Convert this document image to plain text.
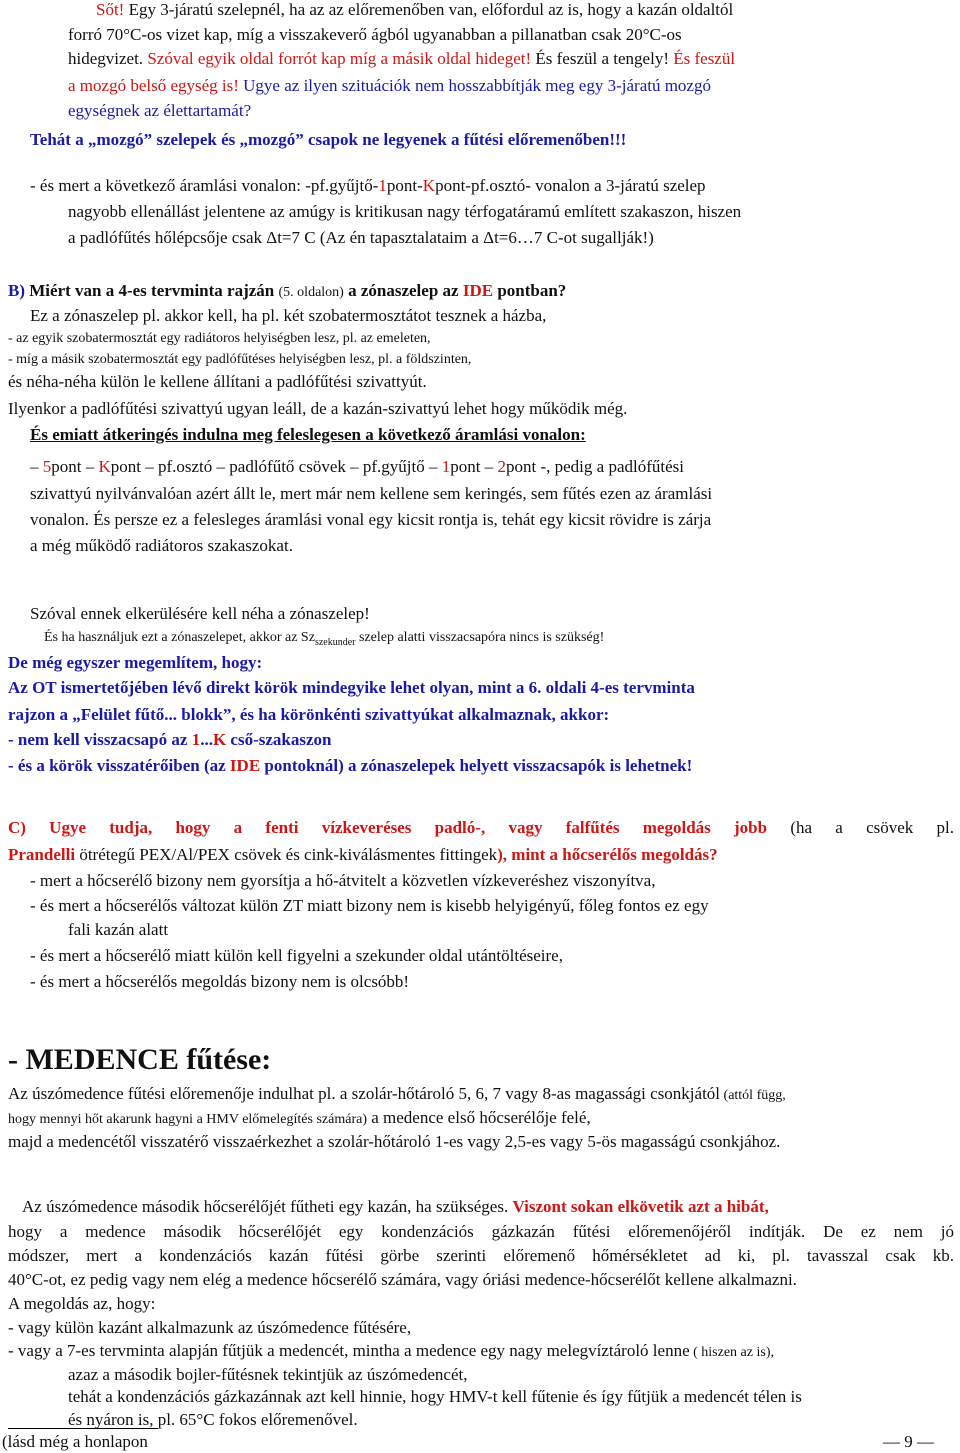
Sőt! Egy 3-járatú szelepnél, ha az az előremenőben van, előfordul az is, hogy a kazán oldaltól
forró 70°C-os vizet kap, míg a visszakeverő ágból ugyanabban a pillanatban csak 20°C-os
hidegvizet. Szóval egyik oldal forrót kap míg a másik oldal hideget! És feszül a tengely! És feszül
a mozgó belső egység is! Ugye az ilyen szituációk nem hosszabbítják meg egy 3-járatú mozgó
egységnek az élettartamát?
Tehát a „mozgó” szelepek és „mozgó” csapok ne legyenek a fűtési előremenőben!!!
- és mert a következő áramlási vonalon: -pf.gyűjtő-1pont-Kpont-pf.osztó- vonalon a 3-járatú szelep
nagyobb ellenállást jelentene az amúgy is kritikusan nagy térfogatáramú említett szakaszon, hiszen
a padlófűtés hőlépcsője csak Δt=7 C (Az én tapasztalataim a Δt=6…7 C-ot sugallják!)
B) Miért van a 4-es tervminta rajzán (5. oldalon) a zónaszelep az IDE pontban?
Ez a zónaszelep pl. akkor kell, ha pl. két szobatermosztátot tesznek a házba,
- az egyik szobatermosztát egy radiátoros helyiségben lesz, pl. az emeleten,
- míg a másik szobatermosztát egy padlófűtéses helyiségben lesz, pl. a földszinten,
és néha-néha külön le kellene állítani a padlófűtési szivattyút.
Ilyenkor a padlófűtési szivattyú ugyan leáll, de a kazán-szivattyú lehet hogy működik még.
És emiatt átkeringés indulna meg feleslegesen a következő áramlási vonalon:
– 5pont – Kpont – pf.osztó – padlófűtő csövek – pf.gyűjtő – 1pont – 2pont -, pedig a padlófűtési
szivattyú nyilvánvalóan azért állt le, mert már nem kellene sem keringés, sem fűtés ezen az áramlási
vonalon. És persze ez a felesleges áramlási vonal egy kicsit rontja is, tehát egy kicsit rövidre is zárja
a még működő radiátoros szakaszokat.
Szóval ennek elkerülésére kell néha a zónaszelep!
És ha használjuk ezt a zónaszelepet, akkor az $Sz_{szekunder}$ szelep alatti visszacsapóra nincs is szükség!
De még egyszer megemlítem, hogy:
Az OT ismertetőjében lévő direkt körök mindegyike lehet olyan, mint a 6. oldali 4-es tervminta
rajzon a „Felület fűtő... blokk”, és ha körönkénti szivattyúkat alkalmaznak, akkor:
- nem kell visszacsapó az 1...K cső-szakaszon
- és a körök visszatérőiben (az IDE pontoknál) a zónaszelepek helyett visszacsapók is lehetnek!
C) Ugye tudja, hogy a fenti vízkeveréses padló-, vagy falfűtés megoldás jobb (ha a csövek pl.
Prandelli ötrétegű PEX/Al/PEX csövek és cink-kiválásmentes fittingek), mint a hőcserélős megoldás?
- mert a hőcserélő bizony nem gyorsítja a hő-átvitelt a közvetlen vízkeveréshez viszonyítva,
- és mert a hőcserélős változat külön ZT miatt bizony nem is kisebb helyigényű, főleg fontos ez egy
fali kazán alatt
- és mert a hőcserélő miatt külön kell figyelni a szekunder oldal utántöltéseire,
- és mert a hőcserélős megoldás bizony nem is olcsóbb!
- MEDENCE fűtése:
Az úszómedence fűtési előremenője indulhat pl. a szolár-hőtároló 5, 6, 7 vagy 8-as magassági csonkjától (attól függ,
hogy mennyi hőt akarunk hagyni a HMV előmelegítés számára) a medence első hőcserélője felé,
majd a medencétől visszatérő visszaérkezhet a szolár-hőtároló 1-es vagy 2,5-es vagy 5-ös magasságú csonkjához.
Az úszómedence második hőcserélőjét fűtheti egy kazán, ha szükséges. Viszont sokan elkövetik azt a hibát,
hogy a medence második hőcserélőjét egy kondenzációs gázkazán fűtési előremenőjéről indítják. De ez nem jó
módszer, mert a kondenzációs kazán fűtési görbe szerinti előremenő hőmérsékletet ad ki, pl. tavasszal csak kb.
40°C-ot, ez pedig vagy nem elég a medence hőcserélő számára, vagy óriási medence-hőcserélőt kellene alkalmazni.
A megoldás az, hogy:
- vagy külön kazánt alkalmazunk az úszómedence fűtésére,
- vagy a 7-es tervminta alapján fűtjük a medencét, mintha a medence egy nagy melegvíztároló lenne ( hiszen az is),
azaz a második bojler-fűtésnek tekintjük az úszómedencét,
tehát a kondenzációs gázkazánnak azt kell hinnie, hogy HMV-t kell fűtenie és így fűtjük a medencét télen is
és nyáron is, pl. 65°C fokos előremenővel.
(lásd még a honlapon	— 9 —
